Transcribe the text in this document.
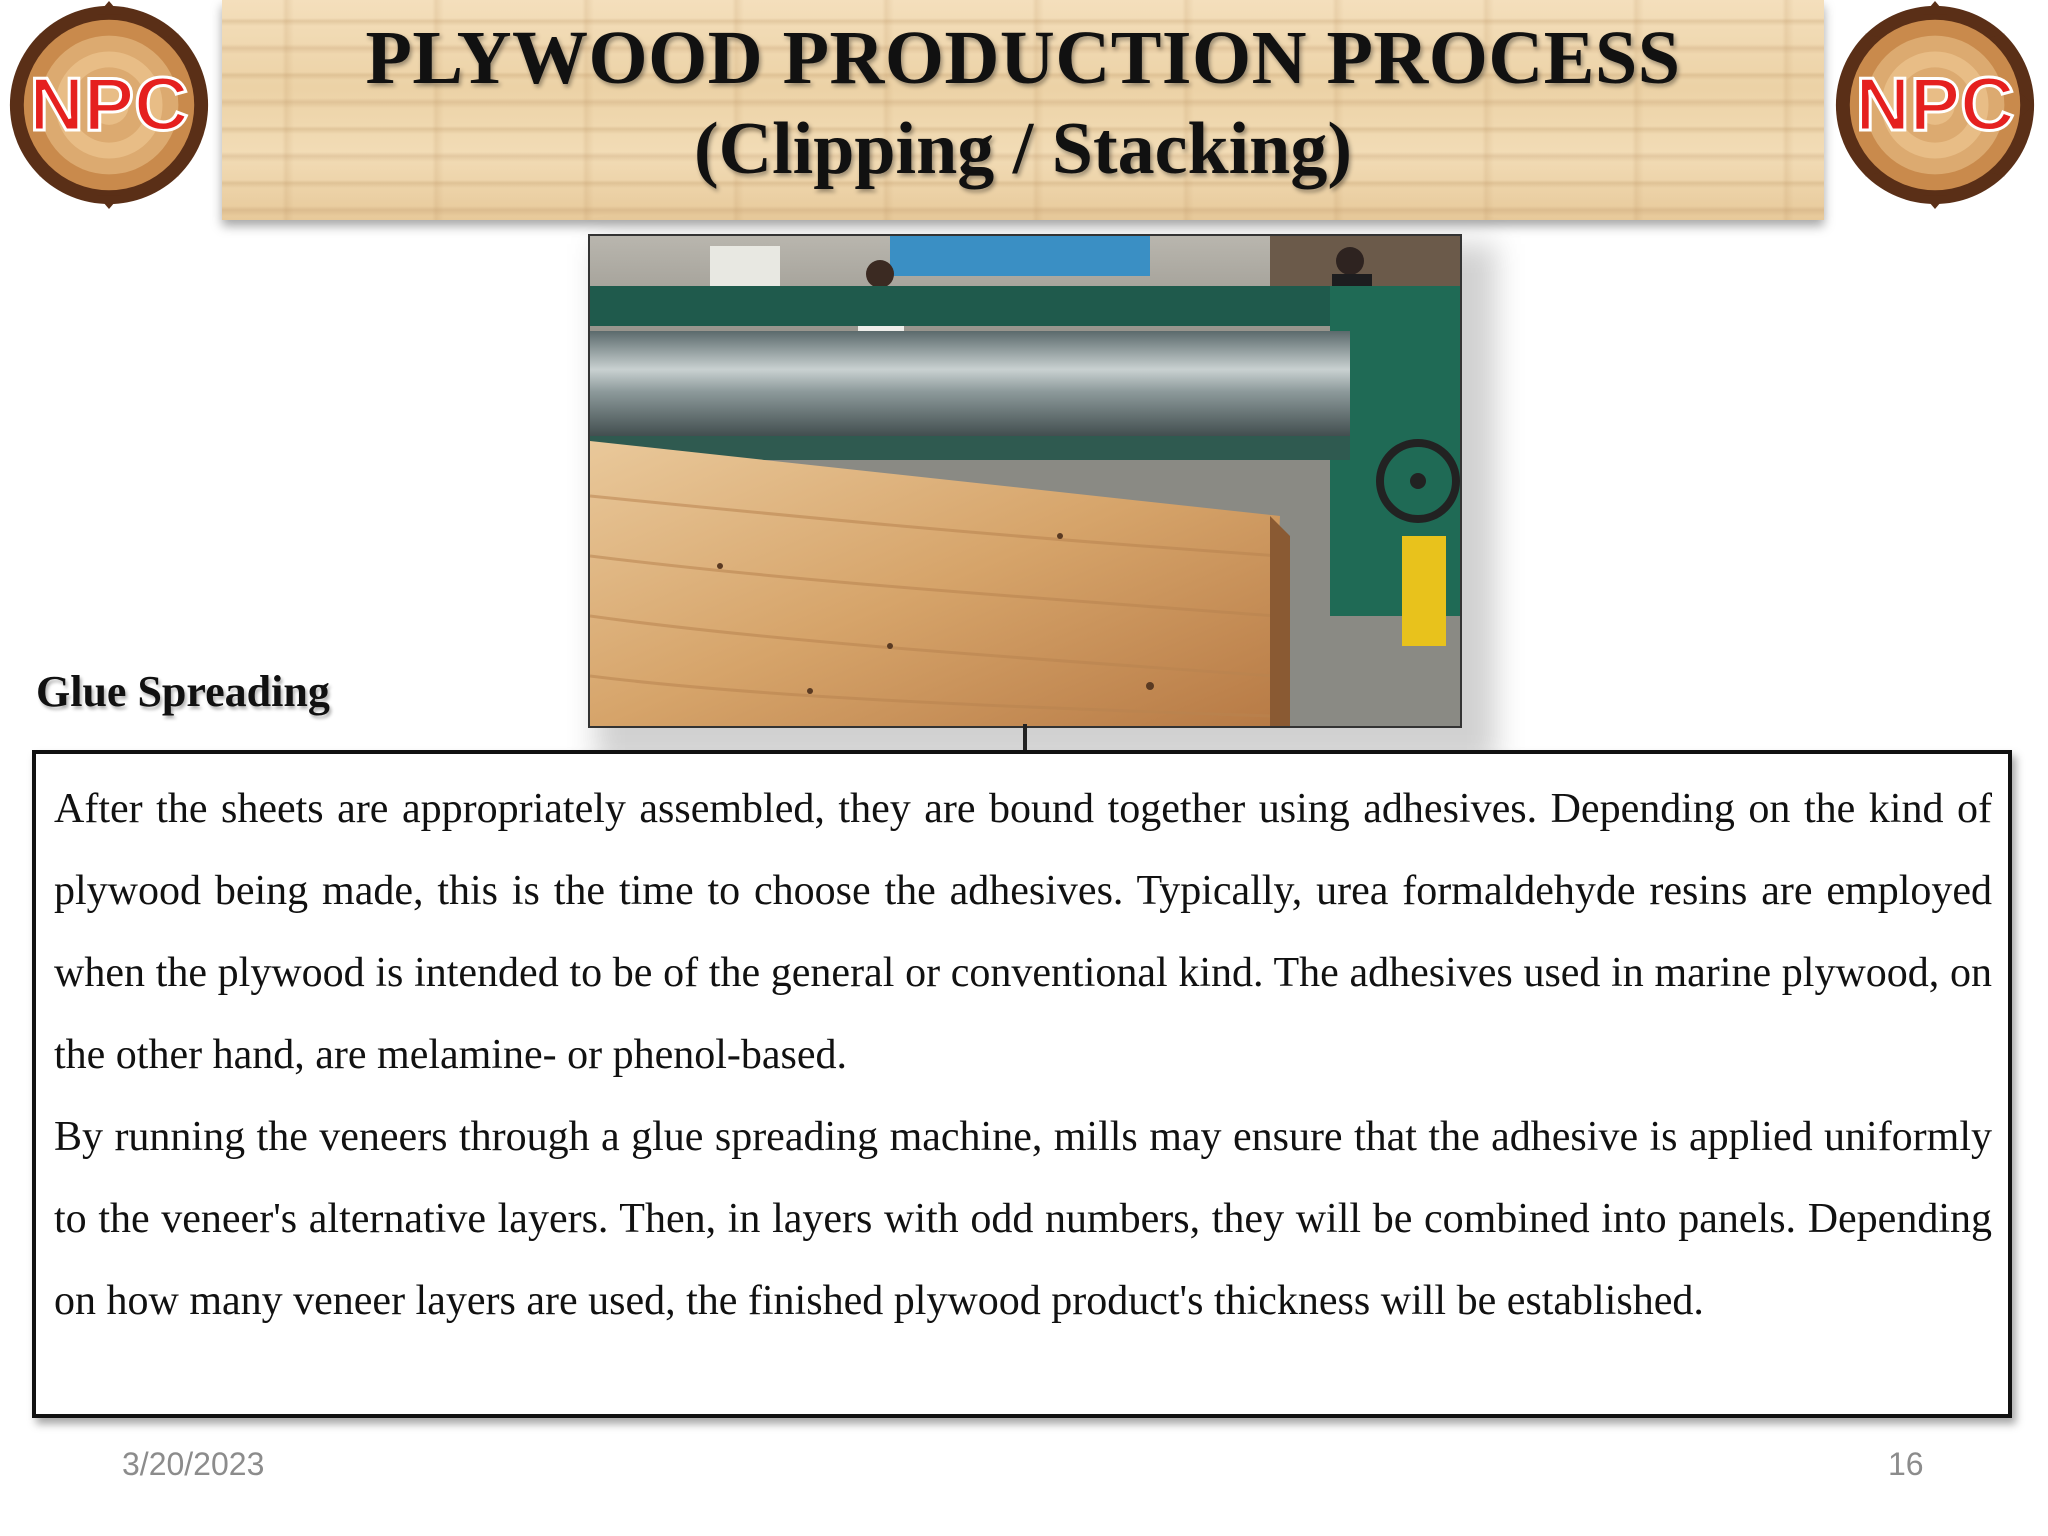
PLYWOOD PRODUCTION PROCESS
(Clipping / Stacking)
NPC	NPC
Glue Spreading

After the sheets are appropriately assembled, they are bound together using adhesives. Depending on the kind of plywood being made, this is the time to choose the adhesives. Typically, urea formaldehyde resins are employed when the plywood is intended to be of the general or conventional kind. The adhesives used in marine plywood, on the other hand, are melamine- or phenol-based.

By running the veneers through a glue spreading machine, mills may ensure that the adhesive is applied uniformly to the veneer's alternative layers. Then, in layers with odd numbers, they will be combined into panels. Depending on how many veneer layers are used, the finished plywood product's thickness will be established.

3/20/2023	16
